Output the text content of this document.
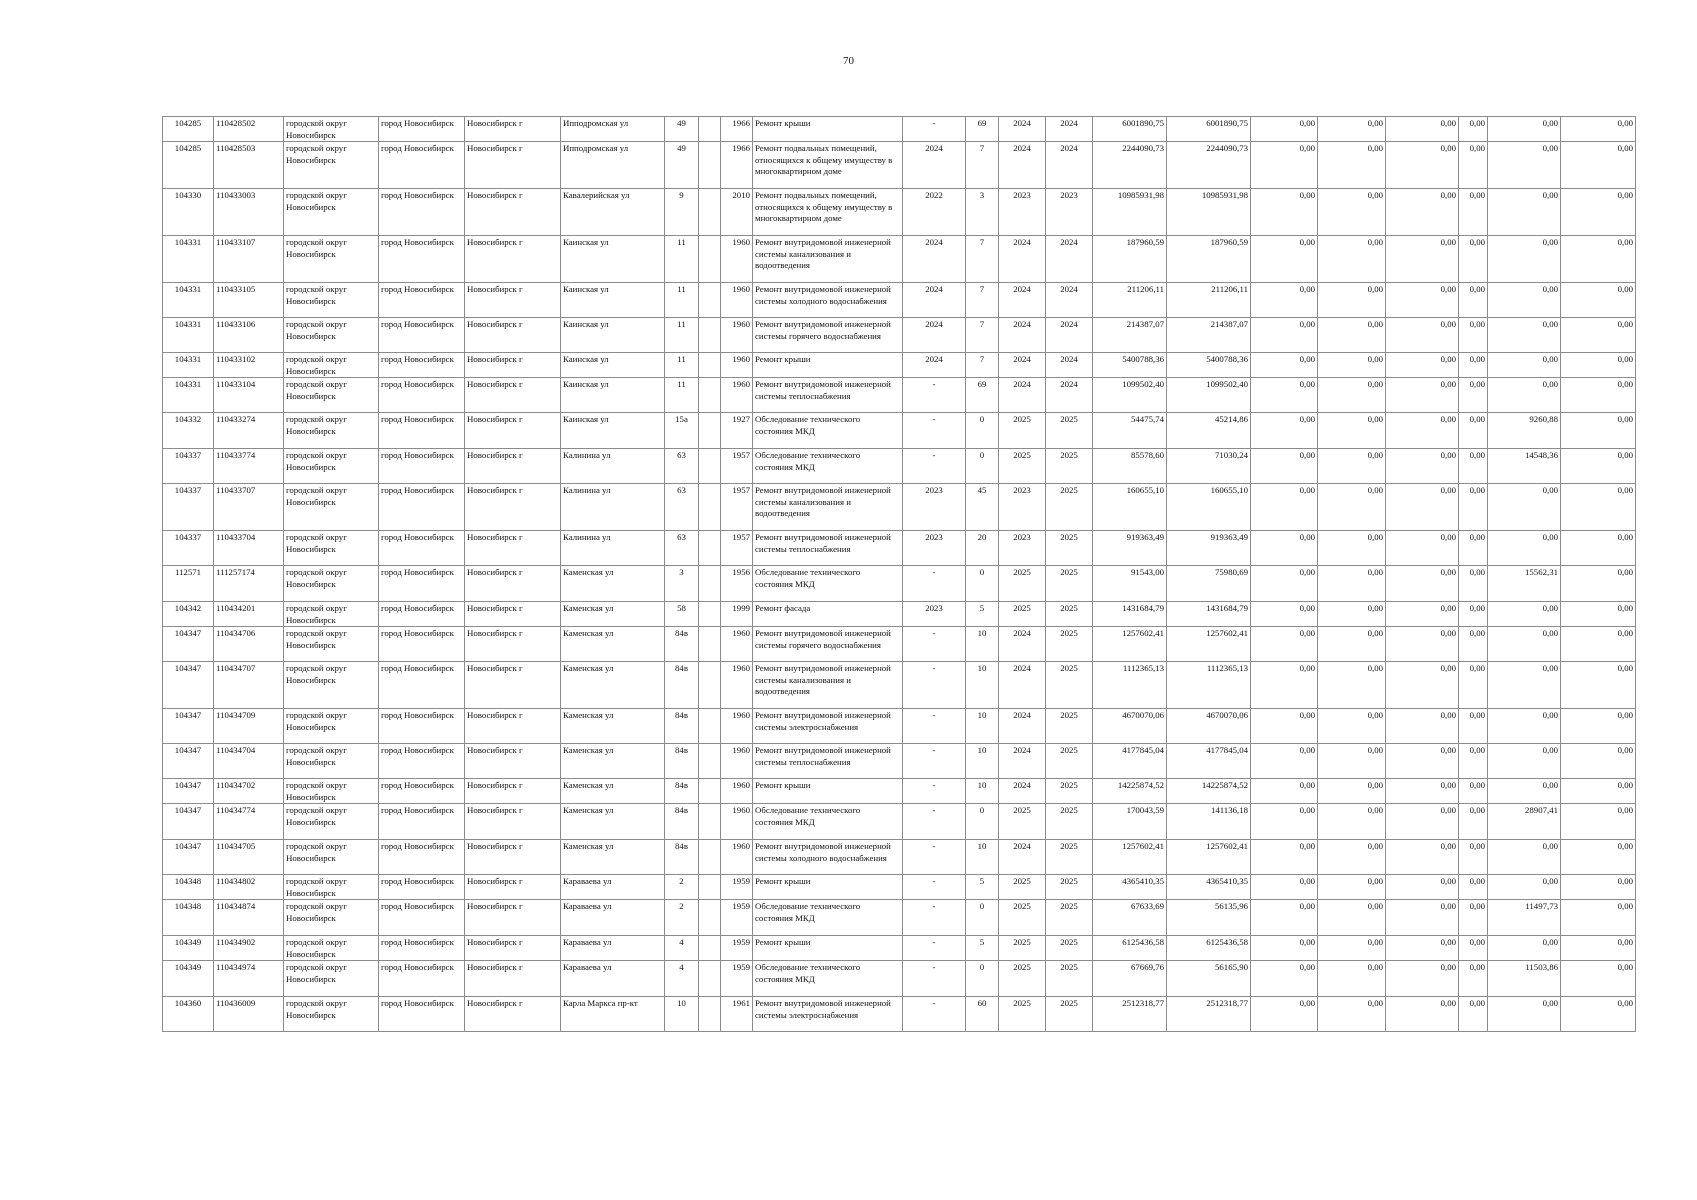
70
104285	110428502	городской округ Новосибирск	город Новосибирск	Новосибирск г	Ипподромская ул	49		1966	Ремонт крыши	-	69	2024	2024	6001890,75	6001890,75	0,00	0,00	0,00	0,00	0,00	0,00
104285	110428503	городской округ Новосибирск	город Новосибирск	Новосибирск г	Ипподромская ул	49		1966	Ремонт подвальных помещений, относящихся к общему имуществу в многоквартирном доме	2024	7	2024	2024	2244090,73	2244090,73	0,00	0,00	0,00	0,00	0,00	0,00
104330	110433003	городской округ Новосибирск	город Новосибирск	Новосибирск г	Кавалерийская ул	9		2010	Ремонт подвальных помещений, относящихся к общему имуществу в многоквартирном доме	2022	3	2023	2023	10985931,98	10985931,98	0,00	0,00	0,00	0,00	0,00	0,00
104331	110433107	городской округ Новосибирск	город Новосибирск	Новосибирск г	Каинская ул	11		1960	Ремонт внутридомовой инженерной системы канализования и водоотведения	2024	7	2024	2024	187960,59	187960,59	0,00	0,00	0,00	0,00	0,00	0,00
104331	110433105	городской округ Новосибирск	город Новосибирск	Новосибирск г	Каинская ул	11		1960	Ремонт внутридомовой инженерной системы холодного водоснабжения	2024	7	2024	2024	211206,11	211206,11	0,00	0,00	0,00	0,00	0,00	0,00
104331	110433106	городской округ Новосибирск	город Новосибирск	Новосибирск г	Каинская ул	11		1960	Ремонт внутридомовой инженерной системы горячего водоснабжения	2024	7	2024	2024	214387,07	214387,07	0,00	0,00	0,00	0,00	0,00	0,00
104331	110433102	городской округ Новосибирск	город Новосибирск	Новосибирск г	Каинская ул	11		1960	Ремонт крыши	2024	7	2024	2024	5400788,36	5400788,36	0,00	0,00	0,00	0,00	0,00	0,00
104331	110433104	городской округ Новосибирск	город Новосибирск	Новосибирск г	Каинская ул	11		1960	Ремонт внутридомовой инженерной системы теплоснабжения	-	69	2024	2024	1099502,40	1099502,40	0,00	0,00	0,00	0,00	0,00	0,00
104332	110433274	городской округ Новосибирск	город Новосибирск	Новосибирск г	Каинская ул	15а		1927	Обследование технического состояния МКД	-	0	2025	2025	54475,74	45214,86	0,00	0,00	0,00	0,00	9260,88	0,00
104337	110433774	городской округ Новосибирск	город Новосибирск	Новосибирск г	Калинина ул	63		1957	Обследование технического состояния МКД	-	0	2025	2025	85578,60	71030,24	0,00	0,00	0,00	0,00	14548,36	0,00
104337	110433707	городской округ Новосибирск	город Новосибирск	Новосибирск г	Калинина ул	63		1957	Ремонт внутридомовой инженерной системы канализования и водоотведения	2023	45	2023	2025	160655,10	160655,10	0,00	0,00	0,00	0,00	0,00	0,00
104337	110433704	городской округ Новосибирск	город Новосибирск	Новосибирск г	Калинина ул	63		1957	Ремонт внутридомовой инженерной системы теплоснабжения	2023	20	2023	2025	919363,49	919363,49	0,00	0,00	0,00	0,00	0,00	0,00
112571	111257174	городской округ Новосибирск	город Новосибирск	Новосибирск г	Каменская ул	3		1956	Обследование технического состояния МКД	-	0	2025	2025	91543,00	75980,69	0,00	0,00	0,00	0,00	15562,31	0,00
104342	110434201	городской округ Новосибирск	город Новосибирск	Новосибирск г	Каменская ул	58		1999	Ремонт фасада	2023	5	2025	2025	1431684,79	1431684,79	0,00	0,00	0,00	0,00	0,00	0,00
104347	110434706	городской округ Новосибирск	город Новосибирск	Новосибирск г	Каменская ул	84в		1960	Ремонт внутридомовой инженерной системы горячего водоснабжения	-	10	2024	2025	1257602,41	1257602,41	0,00	0,00	0,00	0,00	0,00	0,00
104347	110434707	городской округ Новосибирск	город Новосибирск	Новосибирск г	Каменская ул	84в		1960	Ремонт внутридомовой инженерной системы канализования и водоотведения	-	10	2024	2025	1112365,13	1112365,13	0,00	0,00	0,00	0,00	0,00	0,00
104347	110434709	городской округ Новосибирск	город Новосибирск	Новосибирск г	Каменская ул	84в		1960	Ремонт внутридомовой инженерной системы электроснабжения	-	10	2024	2025	4670070,06	4670070,06	0,00	0,00	0,00	0,00	0,00	0,00
104347	110434704	городской округ Новосибирск	город Новосибирск	Новосибирск г	Каменская ул	84в		1960	Ремонт внутридомовой инженерной системы теплоснабжения	-	10	2024	2025	4177845,04	4177845,04	0,00	0,00	0,00	0,00	0,00	0,00
104347	110434702	городской округ Новосибирск	город Новосибирск	Новосибирск г	Каменская ул	84в		1960	Ремонт крыши	-	10	2024	2025	14225874,52	14225874,52	0,00	0,00	0,00	0,00	0,00	0,00
104347	110434774	городской округ Новосибирск	город Новосибирск	Новосибирск г	Каменская ул	84в		1960	Обследование технического состояния МКД	-	0	2025	2025	170043,59	141136,18	0,00	0,00	0,00	0,00	28907,41	0,00
104347	110434705	городской округ Новосибирск	город Новосибирск	Новосибирск г	Каменская ул	84в		1960	Ремонт внутридомовой инженерной системы холодного водоснабжения	-	10	2024	2025	1257602,41	1257602,41	0,00	0,00	0,00	0,00	0,00	0,00
104348	110434802	городской округ Новосибирск	город Новосибирск	Новосибирск г	Караваева ул	2		1959	Ремонт крыши	-	5	2025	2025	4365410,35	4365410,35	0,00	0,00	0,00	0,00	0,00	0,00
104348	110434874	городской округ Новосибирск	город Новосибирск	Новосибирск г	Караваева ул	2		1959	Обследование технического состояния МКД	-	0	2025	2025	67633,69	56135,96	0,00	0,00	0,00	0,00	11497,73	0,00
104349	110434902	городской округ Новосибирск	город Новосибирск	Новосибирск г	Караваева ул	4		1959	Ремонт крыши	-	5	2025	2025	6125436,58	6125436,58	0,00	0,00	0,00	0,00	0,00	0,00
104349	110434974	городской округ Новосибирск	город Новосибирск	Новосибирск г	Караваева ул	4		1959	Обследование технического состояния МКД	-	0	2025	2025	67669,76	56165,90	0,00	0,00	0,00	0,00	11503,86	0,00
104360	110436009	городской округ Новосибирск	город Новосибирск	Новосибирск г	Карла Маркса пр-кт	10		1961	Ремонт внутридомовой инженерной системы электроснабжения	-	60	2025	2025	2512318,77	2512318,77	0,00	0,00	0,00	0,00	0,00	0,00
